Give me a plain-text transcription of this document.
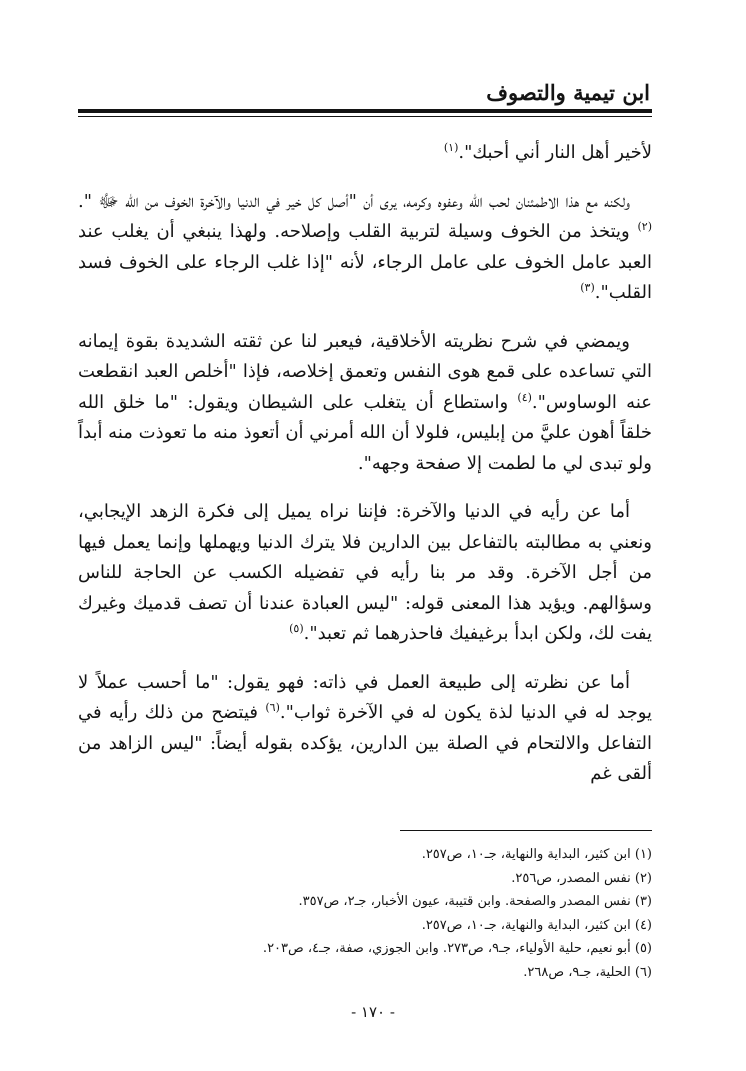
ابن تيمية والتصوف

لأخير أهل النار أني أحبك".$^{(١)}$

ولكنه مع هذا الاطمئنان لحب الله وعفوه وكرمه، يرى أن "أصل كل خير في الدنيا والآخرة الخوف من الله ﷻ ".$^{(٢)}$ ويتخذ من الخوف وسيلة لتربية القلب وإصلاحه. ولهذا ينبغي أن يغلب عند العبد عامل الخوف على عامل الرجاء، لأنه "إذا غلب الرجاء على الخوف فسد القلب".$^{(٣)}$

ويمضي في شرح نظريته الأخلاقية، فيعبر لنا عن ثقته الشديدة بقوة إيمانه التي تساعده على قمع هوى النفس وتعمق إخلاصه، فإذا "أخلص العبد انقطعت عنه الوساوس".$^{(٤)}$ واستطاع أن يتغلب على الشيطان ويقول: "ما خلق الله خلقاً أهون عليَّ من إبليس، فلولا أن الله أمرني أن أتعوذ منه ما تعوذت منه أبداً ولو تبدى لي ما لطمت إلا صفحة وجهه".

أما عن رأيه في الدنيا والآخرة: فإننا نراه يميل إلى فكرة الزهد الإيجابي، ونعني به مطالبته بالتفاعل بين الدارين فلا يترك الدنيا ويهملها وإنما يعمل فيها من أجل الآخرة. وقد مر بنا رأيه في تفضيله الكسب عن الحاجة للناس وسؤالهم. ويؤيد هذا المعنى قوله: "ليس العبادة عندنا أن تصف قدميك وغيرك يفت لك، ولكن ابدأ برغيفيك فاحذرهما ثم تعبد".$^{(٥)}$

أما عن نظرته إلى طبيعة العمل في ذاته: فهو يقول: "ما أحسب عملاً لا يوجد له في الدنيا لذة يكون له في الآخرة ثواب".$^{(٦)}$ فيتضح من ذلك رأيه في التفاعل والالتحام في الصلة بين الدارين، يؤكده بقوله أيضاً: "ليس الزاهد من ألقى غم

(١) ابن كثير، البداية والنهاية، جـ١٠، ص٢٥٧.
(٢) نفس المصدر، ص٢٥٦.
(٣) نفس المصدر والصفحة. وابن قتيبة، عيون الأخبار، جـ٢، ص٣٥٧.
(٤) ابن كثير، البداية والنهاية، جـ١٠، ص٢٥٧.
(٥) أبو نعيم، حلية الأولياء، جـ٩، ص٢٧٣. وابن الجوزي، صفة، جـ٤، ص٢٠٣.
(٦) الحلية، جـ٩، ص٢٦٨.
- ١٧٠ -
